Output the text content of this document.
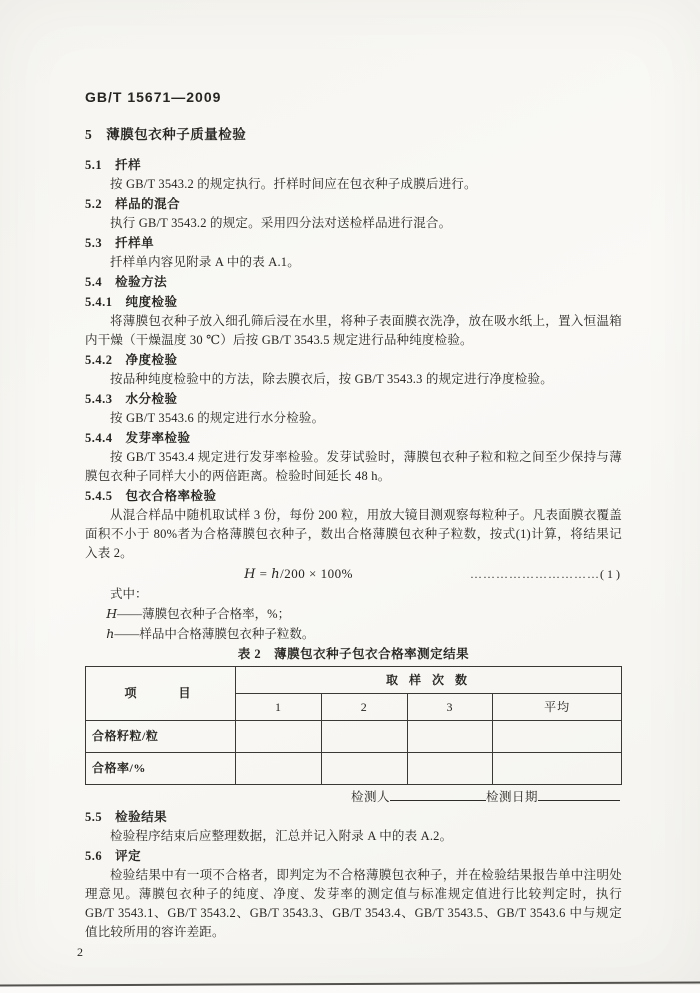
GB/T 15671—2009
5　薄膜包衣种子质量检验
5.1　扦样

按 GB/T 3543.2 的规定执行。扦样时间应在包衣种子成膜后进行。

5.2　样品的混合

执行 GB/T 3543.2 的规定。采用四分法对送检样品进行混合。

5.3　扦样单

扦样单内容见附录 A 中的表 A.1。

5.4　检验方法
5.4.1　纯度检验

将薄膜包衣种子放入细孔筛后浸在水里，将种子表面膜衣洗净，放在吸水纸上，置入恒温箱内干燥（干燥温度 30 ℃）后按 GB/T 3543.5 规定进行品种纯度检验。

5.4.2　净度检验

按品种纯度检验中的方法，除去膜衣后，按 GB/T 3543.3 的规定进行净度检验。

5.4.3　水分检验

按 GB/T 3543.6 的规定进行水分检验。

5.4.4　发芽率检验

按 GB/T 3543.4 规定进行发芽率检验。发芽试验时，薄膜包衣种子粒和粒之间至少保持与薄膜包衣种子同样大小的两倍距离。检验时间延长 48 h。

5.4.5　包衣合格率检验

从混合样品中随机取试样 3 份，每份 200 粒，用放大镜目测观察每粒种子。凡表面膜衣覆盖面积不小于 80%者为合格薄膜包衣种子，数出合格薄膜包衣种子粒数，按式(1)计算，将结果记入表 2。

H = h/200 × 100%	…………………………( 1 )
式中：
H——薄膜包衣种子合格率，%；
h——样品中合格薄膜包衣种子粒数。
表 2　薄膜包衣种子包衣合格率测定结果
项　　目	取 样 次 数			
	1	2	3	平均
合格籽粒/粒				
合格率/%				
检测人	检测日期
5.5　检验结果

检验程序结束后应整理数据，汇总并记入附录 A 中的表 A.2。

5.6　评定

检验结果中有一项不合格者，即判定为不合格薄膜包衣种子，并在检验结果报告单中注明处理意见。薄膜包衣种子的纯度、净度、发芽率的测定值与标准规定值进行比较判定时，执行 GB/T 3543.1、GB/T 3543.2、GB/T 3543.3、GB/T 3543.4、GB/T 3543.5、GB/T 3543.6 中与规定值比较所用的容许差距。

2
